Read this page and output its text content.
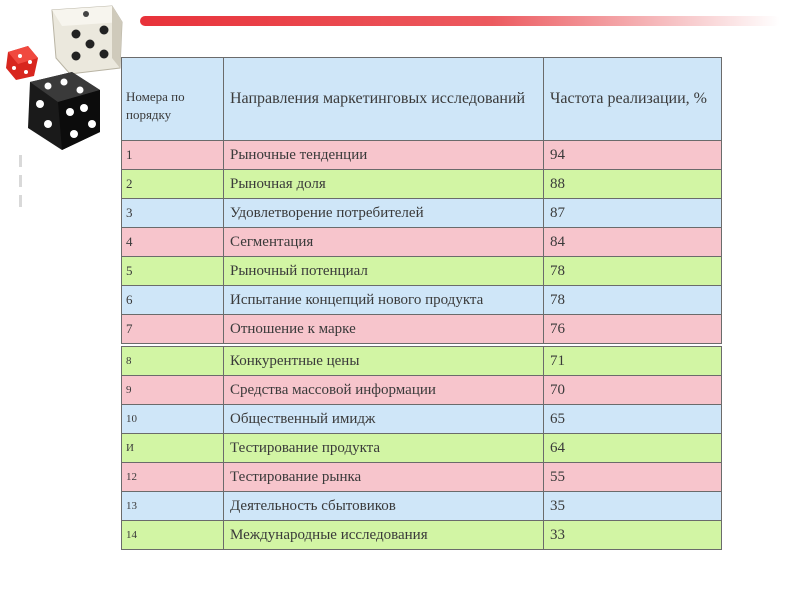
Номера по порядку	Направления маркетинговых исследований	Частота реализации, %
1	Рыночные тенденции	94
2	Рыночная доля	88
3	Удовлетворение потребителей	87
4	Сегментация	84
5	Рыночный потенциал	78
6	Испытание концепций нового продукта	78
7	Отношение к марке	76

8	Конкурентные цены	71
9	Средства массовой информации	70
10	Общественный имидж	65
И	Тестирование продукта	64
12	Тестирование рынка	55
13	Деятельность сбытовиков	35
14	Международные исследования	33
